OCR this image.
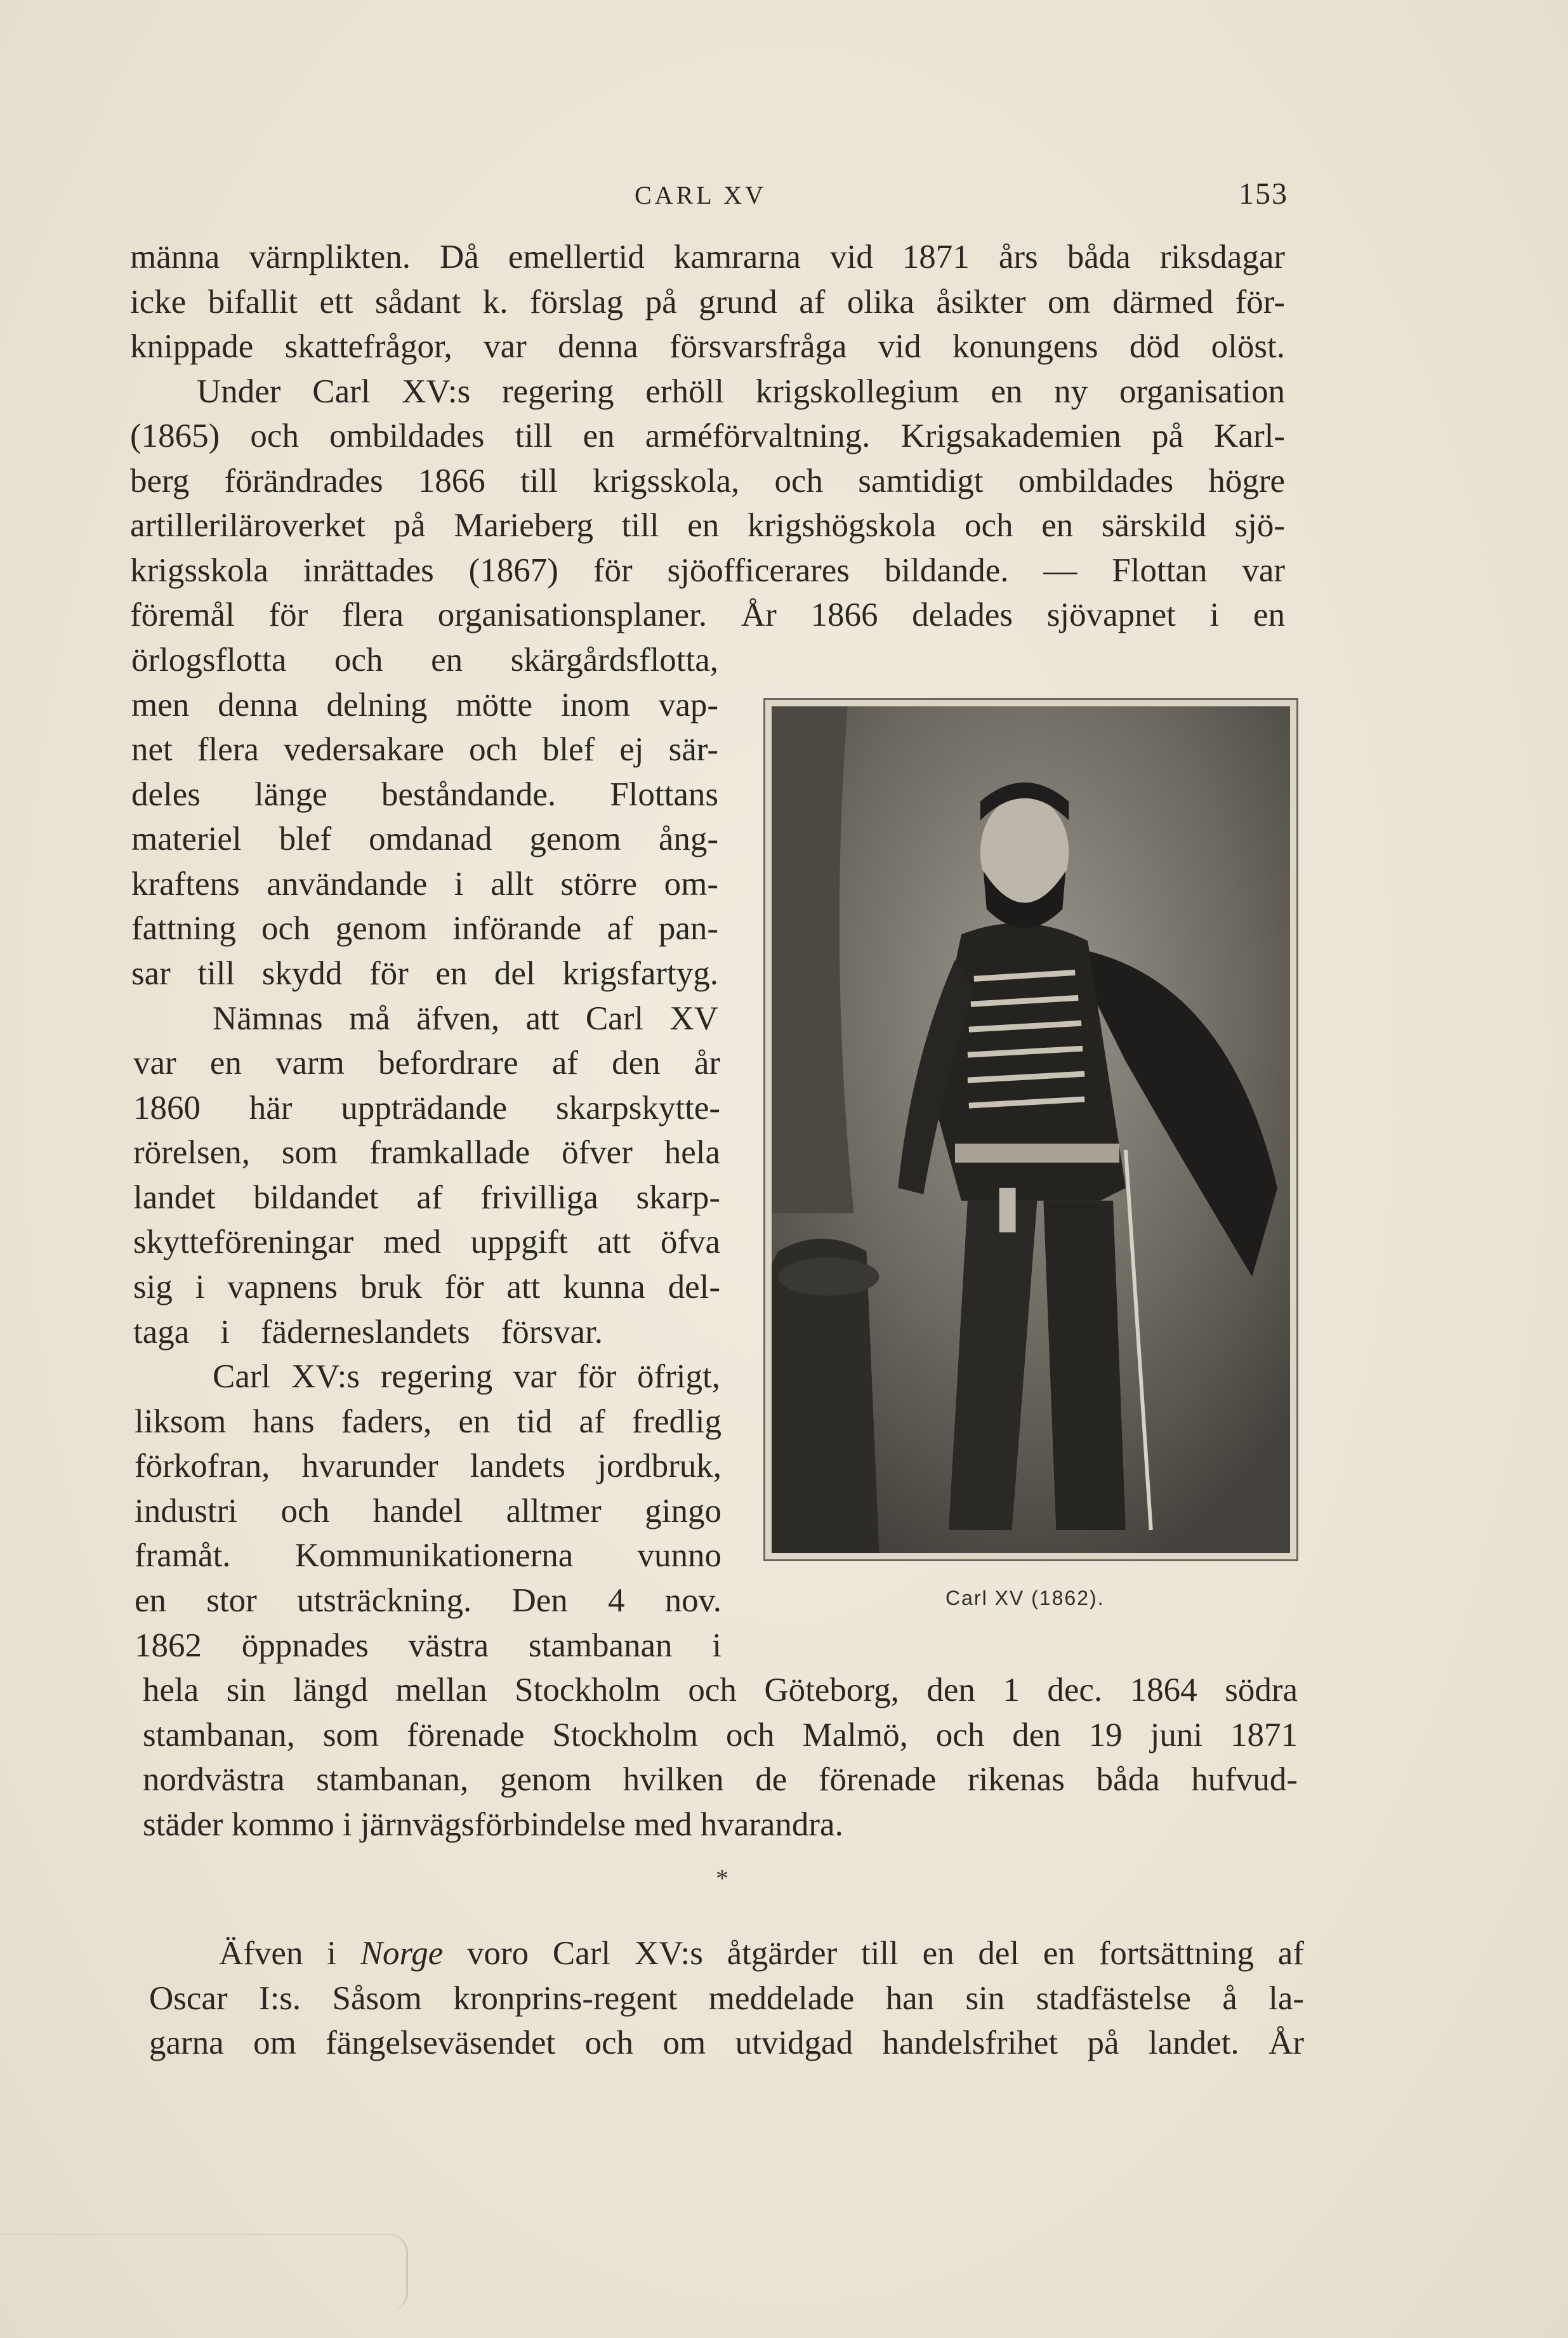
CARL XV	153
männa värnplikten. Då emellertid kamrarna vid 1871 års båda riksdagar
icke bifallit ett sådant k. förslag på grund af olika åsikter om därmed för-
knippade skattefrågor, var denna försvarsfråga vid konungens död olöst.
Under Carl XV:s regering erhöll krigskollegium en ny organisation
(1865) och ombildades till en arméförvaltning. Krigsakademien på Karl-
berg förändrades 1866 till krigsskola, och samtidigt ombildades högre
artilleriläroverket på Marieberg till en krigshögskola och en särskild sjö-
krigsskola inrättades (1867) för sjöofficerares bildande. — Flottan var
föremål för flera organisationsplaner. År 1866 delades sjövapnet i en
örlogsflotta och en skärgårdsflotta,
men denna delning mötte inom vap-
net flera vedersakare och blef ej sär-
deles länge beståndande. Flottans
materiel blef omdanad genom ång-
kraftens användande i allt större om-
fattning och genom införande af pan-
sar till skydd för en del krigsfartyg.
Nämnas må äfven, att Carl XV
var en varm befordrare af den år
1860 här uppträdande skarpskytte-
rörelsen, som framkallade öfver hela
landet bildandet af frivilliga skarp-
skytteföreningar med uppgift att öfva
sig i vapnens bruk för att kunna del-
taga i fäderneslandets försvar.
Carl XV:s regering var för öfrigt,
liksom hans faders, en tid af fredlig
förkofran, hvarunder landets jordbruk,
industri och handel alltmer gingo
framåt. Kommunikationerna vunno
en stor utsträckning. Den 4 nov.
1862 öppnades västra stambanan i
Carl XV (1862).
hela sin längd mellan Stockholm och Göteborg, den 1 dec. 1864 södra
stambanan, som förenade Stockholm och Malmö, och den 19 juni 1871
nordvästra stambanan, genom hvilken de förenade rikenas båda hufvud-
städer kommo i järnvägsförbindelse med hvarandra.
*
Äfven i Norge voro Carl XV:s åtgärder till en del en fortsättning af
Oscar I:s. Såsom kronprins-regent meddelade han sin stadfästelse å la-
garna om fängelseväsendet och om utvidgad handelsfrihet på landet. År
